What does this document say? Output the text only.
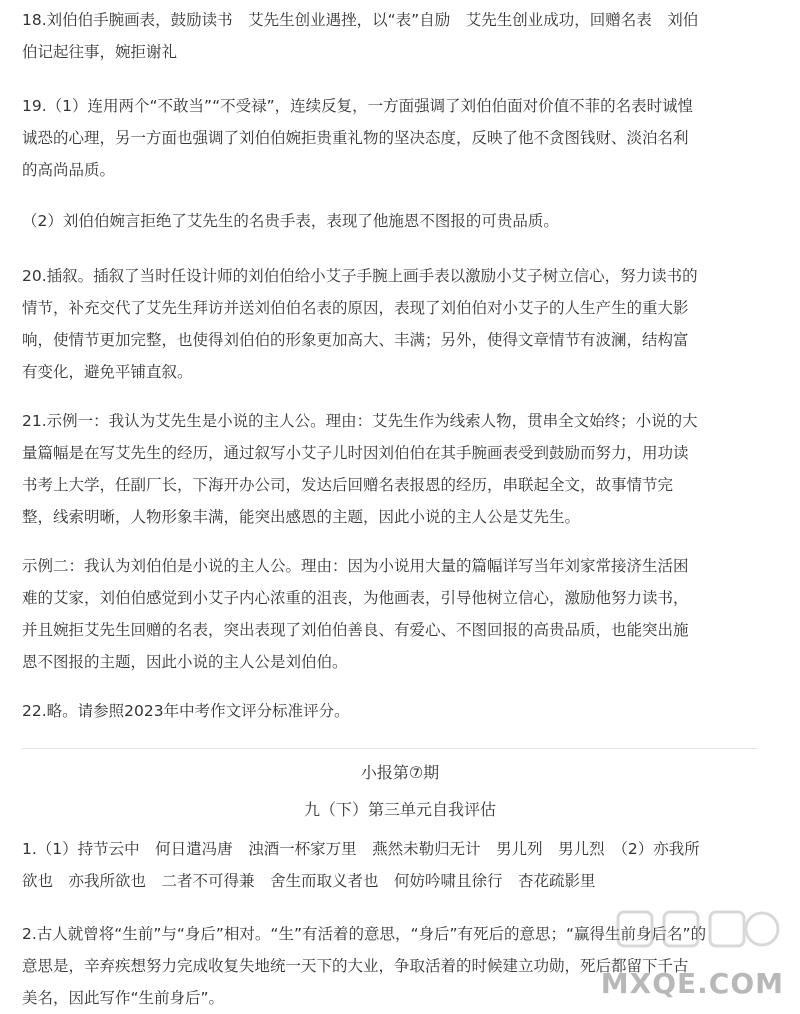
18.刘伯伯手腕画表，鼓励读书　艾先生创业遇挫，以“表”自励　艾先生创业成功，回赠名表　刘伯
伯记起往事，婉拒谢礼

19.（1）连用两个“不敢当”“不受禄”，连续反复，一方面强调了刘伯伯面对价值不菲的名表时诚惶
诚恐的心理，另一方面也强调了刘伯伯婉拒贵重礼物的坚决态度，反映了他不贪图钱财、淡泊名利
的高尚品质。

（2）刘伯伯婉言拒绝了艾先生的名贵手表，表现了他施恩不图报的可贵品质。

20.插叙。插叙了当时任设计师的刘伯伯给小艾子手腕上画手表以激励小艾子树立信心，努力读书的
情节，补充交代了艾先生拜访并送刘伯伯名表的原因，表现了刘伯伯对小艾子的人生产生的重大影
响，使情节更加完整，也使得刘伯伯的形象更加高大、丰满；另外，使得文章情节有波澜，结构富
有变化，避免平铺直叙。

21.示例一：我认为艾先生是小说的主人公。理由：艾先生作为线索人物，贯串全文始终；小说的大
量篇幅是在写艾先生的经历，通过叙写小艾子儿时因刘伯伯在其手腕画表受到鼓励而努力，用功读
书考上大学，任副厂长，下海开办公司，发达后回赠名表报恩的经历，串联起全文，故事情节完
整，线索明晰，人物形象丰满，能突出感恩的主题，因此小说的主人公是艾先生。

示例二：我认为刘伯伯是小说的主人公。理由：因为小说用大量的篇幅详写当年刘家常接济生活困
难的艾家，刘伯伯感觉到小艾子内心浓重的沮丧，为他画表，引导他树立信心，激励他努力读书，
并且婉拒艾先生回赠的名表，突出表现了刘伯伯善良、有爱心、不图回报的高贵品质，也能突出施
恩不图报的主题，因此小说的主人公是刘伯伯。

22.略。请参照2023年中考作文评分标准评分。

小报第⑦期

九（下）第三单元自我评估

1.（1）持节云中　何日遣冯唐　浊酒一杯家万里　燕然未勒归无计　男儿列　男儿烈　（2）亦我所
欲也　亦我所欲也　二者不可得兼　舍生而取义者也　何妨吟啸且徐行　杏花疏影里

2.古人就曾将“生前”与“身后”相对。“生”有活着的意思，“身后”有死后的意思；“赢得生前身后名”的
意思是，辛弃疾想努力完成收复失地统一天下的大业，争取活着的时候建立功勋，死后都留下千古
美名，因此写作“生前身后”。	MXQE.COM
